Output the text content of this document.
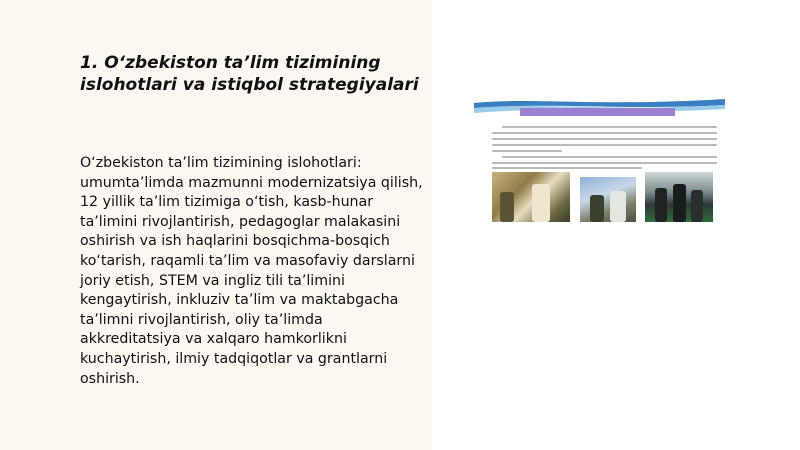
1. O‘zbekiston ta’lim tizimining islohotlari va istiqbol strategiyalari

O‘zbekiston ta’lim tizimining islohotlari: umumta’limda mazmunni modernizatsiya qilish, 12 yillik ta’lim tizimiga o‘tish, kasb-hunar ta’limini rivojlantirish, pedagoglar malakasini oshirish va ish haqlarini bosqichma-bosqich ko‘tarish, raqamli ta’lim va masofaviy darslarni joriy etish, STEM va ingliz tili ta’limini kengaytirish, inkluziv ta’lim va maktabgacha ta’limni rivojlantirish, oliy ta’limda akkreditatsiya va xalqaro hamkorlikni kuchaytirish, ilmiy tadqiqotlar va grantlarni oshirish.
